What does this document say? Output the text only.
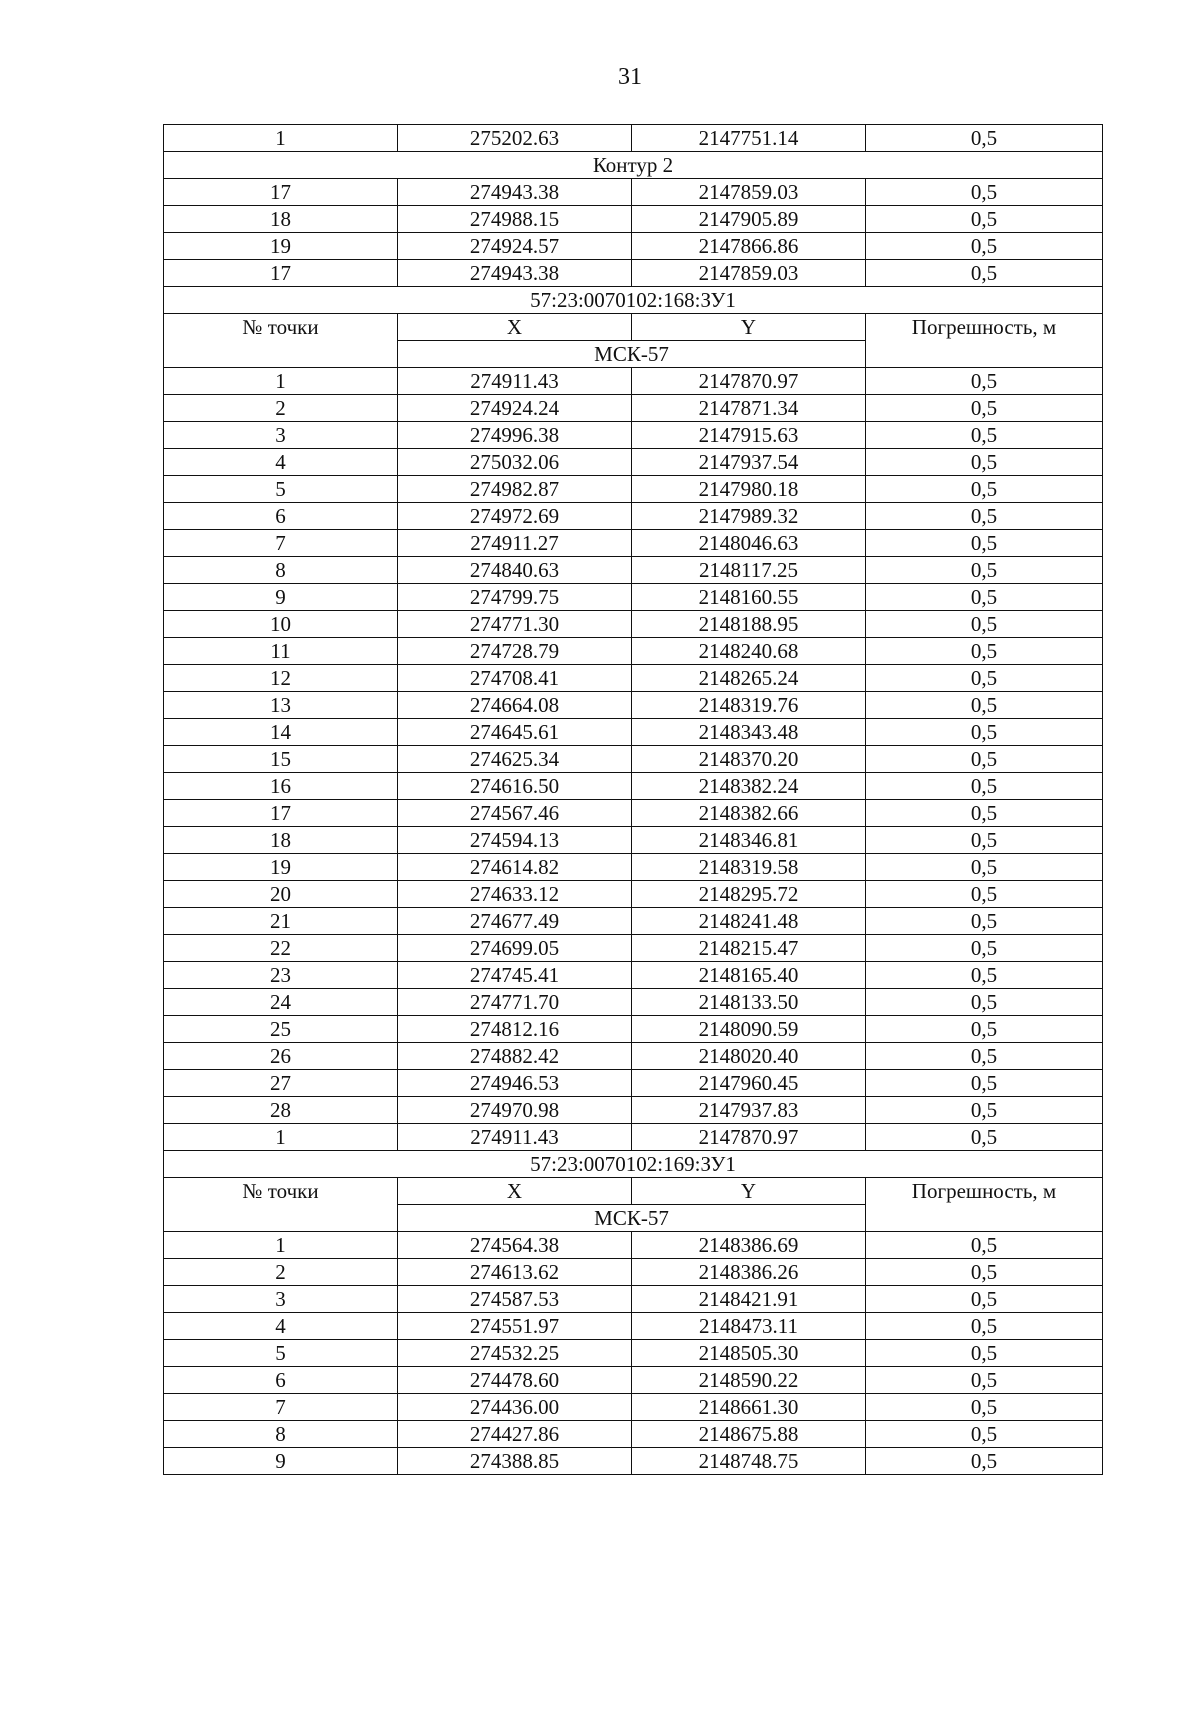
31
1	275202.63	2147751.14	0,5
Контур 2			
17	274943.38	2147859.03	0,5
18	274988.15	2147905.89	0,5
19	274924.57	2147866.86	0,5
17	274943.38	2147859.03	0,5
57:23:0070102:168:ЗУ1			
№ точки	X	Y	Погрешность, м
	МСК-57		
1	274911.43	2147870.97	0,5
2	274924.24	2147871.34	0,5
3	274996.38	2147915.63	0,5
4	275032.06	2147937.54	0,5
5	274982.87	2147980.18	0,5
6	274972.69	2147989.32	0,5
7	274911.27	2148046.63	0,5
8	274840.63	2148117.25	0,5
9	274799.75	2148160.55	0,5
10	274771.30	2148188.95	0,5
11	274728.79	2148240.68	0,5
12	274708.41	2148265.24	0,5
13	274664.08	2148319.76	0,5
14	274645.61	2148343.48	0,5
15	274625.34	2148370.20	0,5
16	274616.50	2148382.24	0,5
17	274567.46	2148382.66	0,5
18	274594.13	2148346.81	0,5
19	274614.82	2148319.58	0,5
20	274633.12	2148295.72	0,5
21	274677.49	2148241.48	0,5
22	274699.05	2148215.47	0,5
23	274745.41	2148165.40	0,5
24	274771.70	2148133.50	0,5
25	274812.16	2148090.59	0,5
26	274882.42	2148020.40	0,5
27	274946.53	2147960.45	0,5
28	274970.98	2147937.83	0,5
1	274911.43	2147870.97	0,5
57:23:0070102:169:ЗУ1			
№ точки	X	Y	Погрешность, м
	МСК-57		
1	274564.38	2148386.69	0,5
2	274613.62	2148386.26	0,5
3	274587.53	2148421.91	0,5
4	274551.97	2148473.11	0,5
5	274532.25	2148505.30	0,5
6	274478.60	2148590.22	0,5
7	274436.00	2148661.30	0,5
8	274427.86	2148675.88	0,5
9	274388.85	2148748.75	0,5
